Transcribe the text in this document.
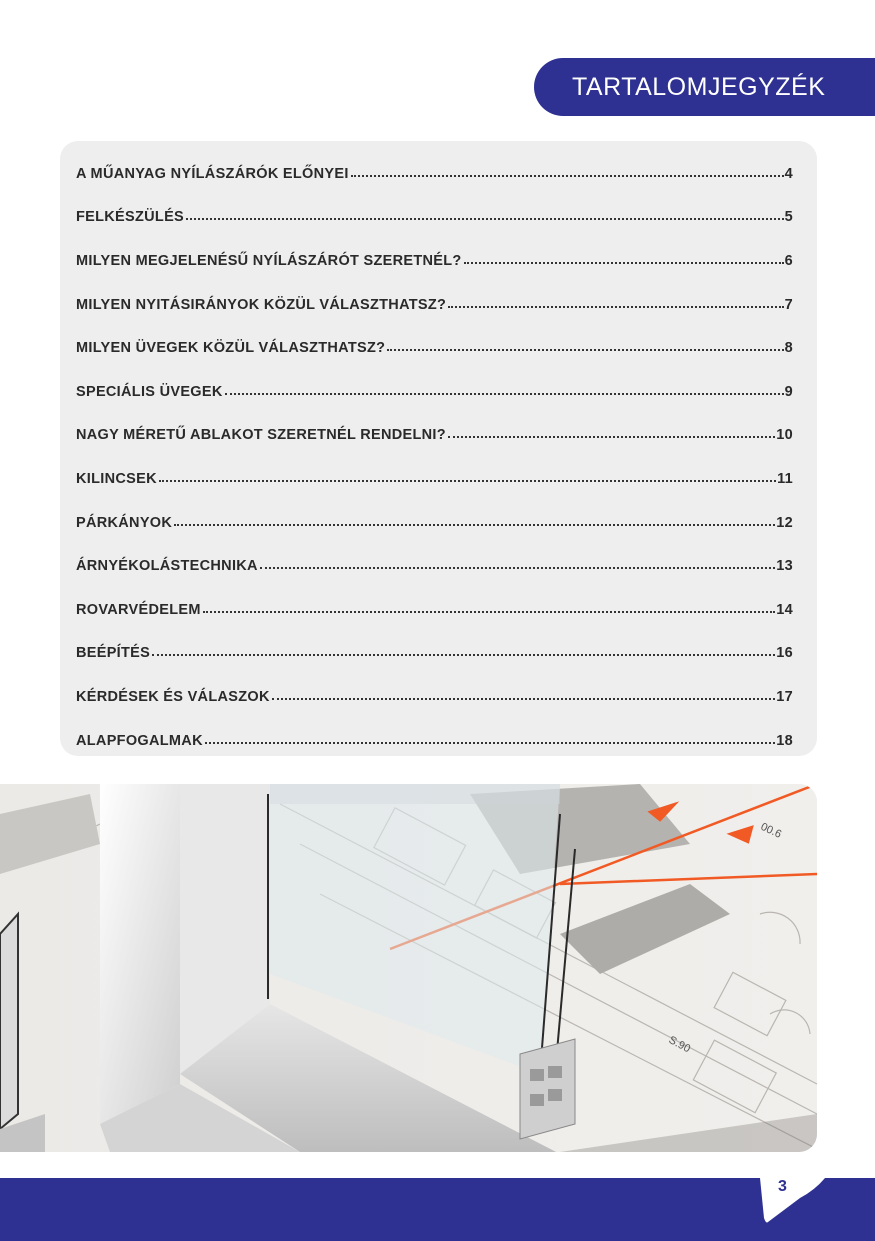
TARTALOMJEGYZÉK
A MŰANYAG NYÍLÁSZÁRÓK ELŐNYEI	4
FELKÉSZÜLÉS	5
MILYEN MEGJELENÉSŰ NYÍLÁSZÁRÓT SZERETNÉL?	6
MILYEN NYITÁSIRÁNYOK KÖZÜL VÁLASZTHATSZ?	7
MILYEN ÜVEGEK KÖZÜL VÁLASZTHATSZ?	8
SPECIÁLIS ÜVEGEK	9
NAGY MÉRETŰ ABLAKOT SZERETNÉL RENDELNI?	10
KILINCSEK	11
PÁRKÁNYOK	12
ÁRNYÉKOLÁSTECHNIKA	13
ROVARVÉDELEM	14
BEÉPÍTÉS	16
KÉRDÉSEK ÉS VÁLASZOK	17
ALAPFOGALMAK	18
00.6
S.90
3
